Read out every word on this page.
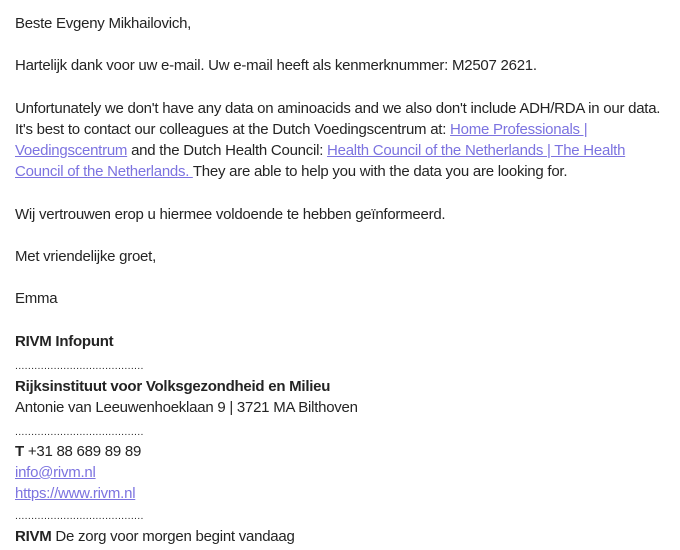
Beste Evgeny Mikhailovich,

Hartelijk dank voor uw e-mail. Uw e-mail heeft als kenmerknummer: M2507 2621.

Unfortunately we don't have any data on aminoacids and we also don't include ADH/RDA in our data. It's best to contact our colleagues at the Dutch Voedingscentrum at: Home Professionals | Voedingscentrum and the Dutch Health Council: Health Council of the Netherlands | The Health Council of the Netherlands. They are able to help you with the data you are looking for.

Wij vertrouwen erop u hiermee voldoende te hebben geïnformeerd.

Met vriendelijke groet,

Emma

RIVM Infopunt

........................................

Rijksinstituut voor Volksgezondheid en Milieu

Antonie van Leeuwenhoeklaan 9 | 3721 MA Bilthoven

........................................

T +31 88 689 89 89

info@rivm.nl

https://www.rivm.nl

........................................

RIVM De zorg voor morgen begint vandaag
